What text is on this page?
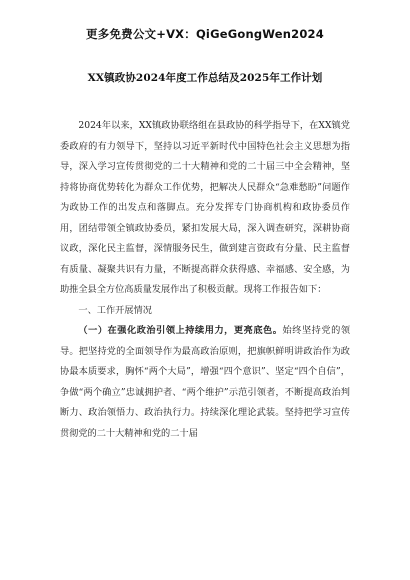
更多免费公文+VX：QiGeGongWen2024
XX镇政协2024年度工作总结及2025年工作计划

2024年以来，XX镇政协联络组在县政协的科学指导下，在XX镇党委政府的有力领导下，坚持以习近平新时代中国特色社会主义思想为指导，深入学习宣传贯彻党的二十大精神和党的二十届三中全会精神，坚持将协商优势转化为群众工作优势，把解决人民群众“急难愁盼”问题作为政协工作的出发点和落脚点。充分发挥专门协商机构和政协委员作用，团结带领全镇政协委员，紧扣发展大局，深入调查研究，深耕协商议政，深化民主监督，深情服务民生，做到建言资政有分量、民主监督有质量、凝聚共识有力量，不断提高群众获得感、幸福感、安全感，为助推全县全方位高质量发展作出了积极贡献。现将工作报告如下：

一、工作开展情况

（一）在强化政治引领上持续用力，更亮底色。始终坚持党的领导。把坚持党的全面领导作为最高政治原则，把旗帜鲜明讲政治作为政协最本质要求，胸怀“两个大局”，增强“四个意识”、坚定“四个自信”，争做“两个确立”忠诚拥护者、“两个维护”示范引领者，不断提高政治判断力、政治领悟力、政治执行力。持续深化理论武装。坚持把学习宣传贯彻党的二十大精神和党的二十届
